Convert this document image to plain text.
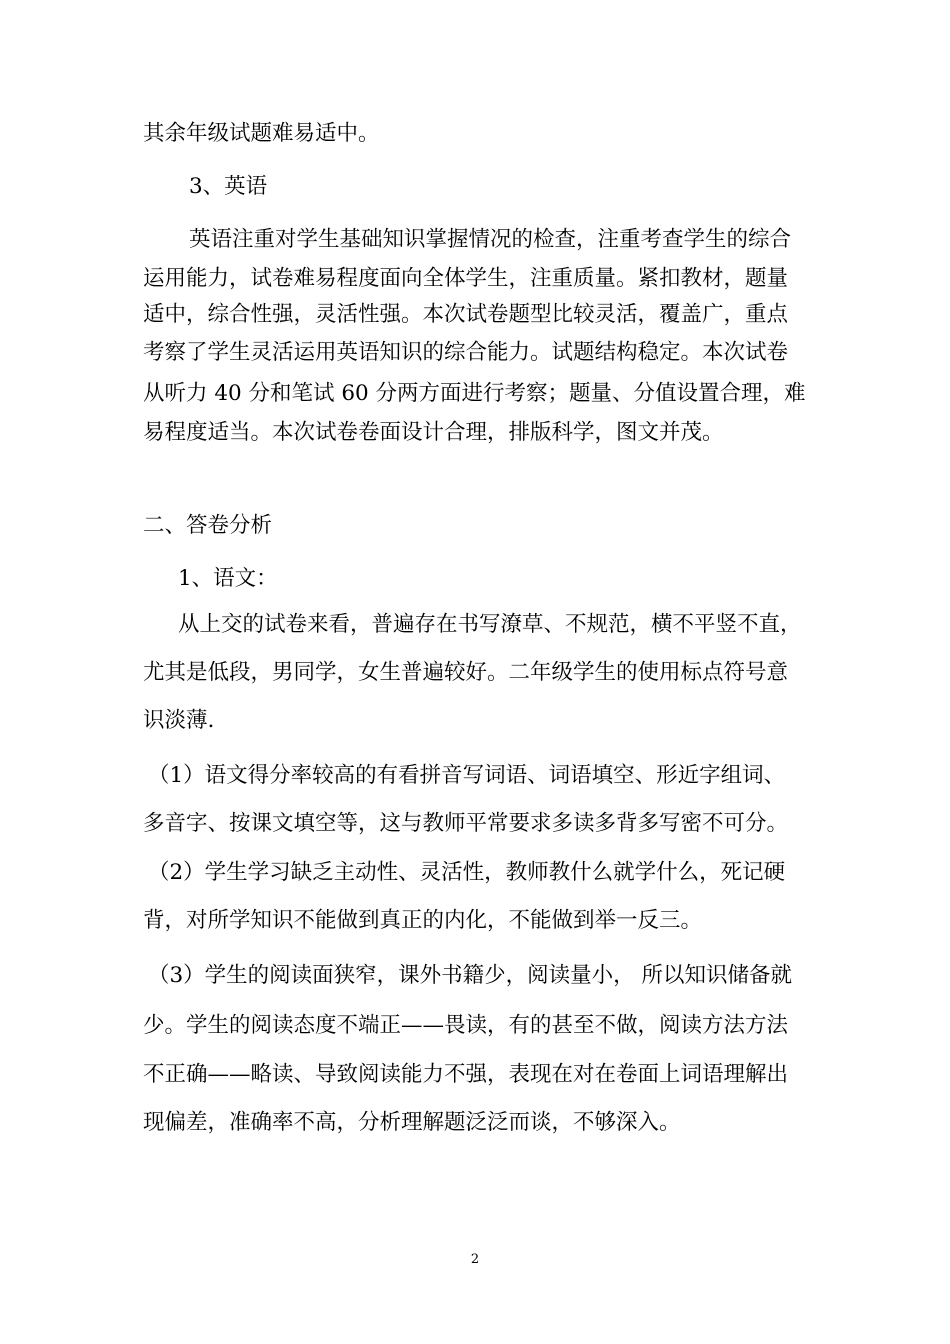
其余年级试题难易适中。
3、英语
英语注重对学生基础知识掌握情况的检查，注重考查学生的综合
运用能力，试卷难易程度面向全体学生，注重质量。紧扣教材，题量
适中，综合性强，灵活性强。本次试卷题型比较灵活，覆盖广，重点
考察了学生灵活运用英语知识的综合能力。试题结构稳定。本次试卷
从听力 40 分和笔试 60 分两方面进行考察；题量、分值设置合理，难
易程度适当。本次试卷卷面设计合理，排版科学，图文并茂。
二、答卷分析
1、语文：
从上交的试卷来看，普遍存在书写潦草、不规范，横不平竖不直，
尤其是低段，男同学，女生普遍较好。二年级学生的使用标点符号意
识淡薄.
（1）语文得分率较高的有看拼音写词语、词语填空、形近字组词、
多音字、按课文填空等，这与教师平常要求多读多背多写密不可分。
（2）学生学习缺乏主动性、灵活性，教师教什么就学什么，死记硬
背，对所学知识不能做到真正的内化，不能做到举一反三。
（3）学生的阅读面狭窄，课外书籍少，阅读量小， 所以知识储备就
少。学生的阅读态度不端正——畏读，有的甚至不做，阅读方法方法
不正确——略读、导致阅读能力不强，表现在对在卷面上词语理解出
现偏差，准确率不高，分析理解题泛泛而谈，不够深入。
2
